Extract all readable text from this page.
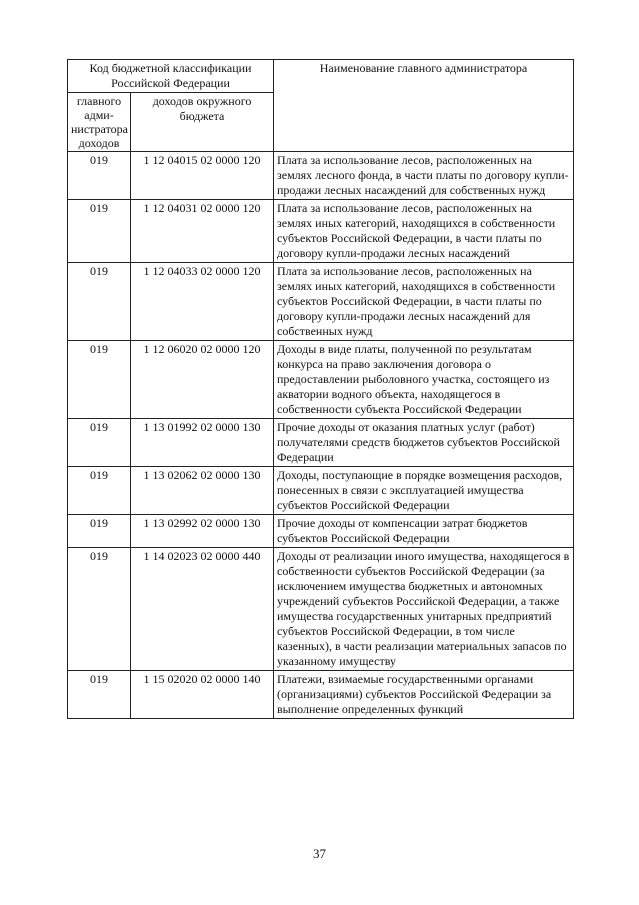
Код бюджетной классификации Российской Федерации		Наименование главного администратора
главного адми-нистратора доходов	доходов окружного бюджета	
019	1 12 04015 02 0000 120	Плата за использование лесов, расположенных на землях лесного фонда, в части платы по договору купли-продажи лесных насаждений для собственных нужд
019	1 12 04031 02 0000 120	Плата за использование лесов, расположенных на землях иных категорий, находящихся в собственности субъектов Российской Федерации, в части платы по договору купли-продажи лесных насаждений
019	1 12 04033 02 0000 120	Плата за использование лесов, расположенных на землях иных категорий, находящихся в собственности субъектов Российской Федерации, в части платы по договору купли-продажи лесных насаждений для собственных нужд
019	1 12 06020 02 0000 120	Доходы в виде платы, полученной по результатам конкурса на право заключения договора о предоставлении рыболовного участка, состоящего из акватории водного объекта, находящегося в собственности субъекта Российской Федерации
019	1 13 01992 02 0000 130	Прочие доходы от оказания платных услуг (работ) получателями средств бюджетов субъектов Российской Федерации
019	1 13 02062 02 0000 130	Доходы, поступающие в порядке возмещения расходов, понесенных в связи с эксплуатацией имущества субъектов Российской Федерации
019	1 13 02992 02 0000 130	Прочие доходы от компенсации затрат бюджетов субъектов Российской Федерации
019	1 14 02023 02 0000 440	Доходы от реализации иного имущества, находящегося в собственности субъектов Российской Федерации (за исключением имущества бюджетных и автономных учреждений субъектов Российской Федерации, а также имущества государственных унитарных предприятий субъектов Российской Федерации, в том числе казенных), в части реализации материальных запасов по указанному имуществу
019	1 15 02020 02 0000 140	Платежи, взимаемые государственными органами (организациями) субъектов Российской Федерации за выполнение определенных функций
37
